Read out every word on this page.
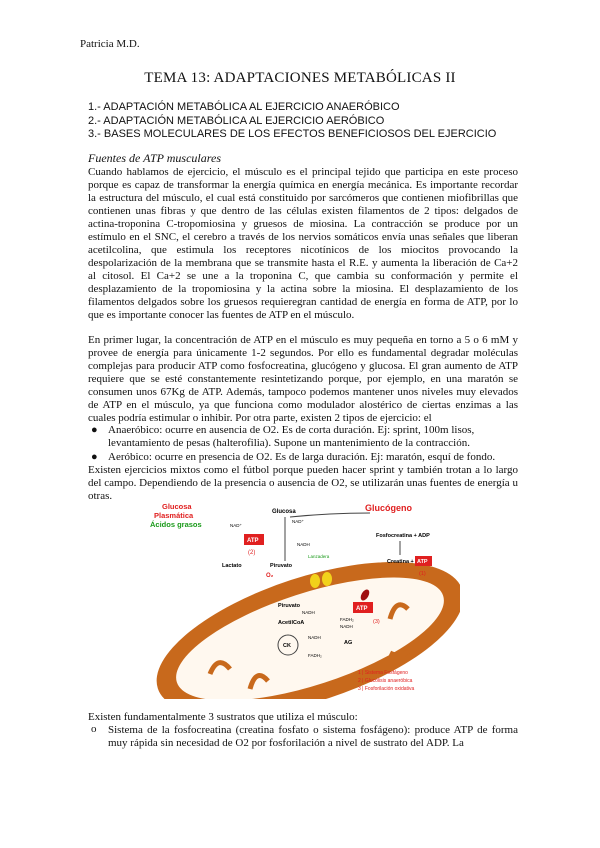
Patricia M.D.
TEMA 13: ADAPTACIONES METABÓLICAS II
1.- ADAPTACIÓN METABÓLICA AL EJERCICIO ANAERÓBICO
2.- ADAPTACIÓN METABÓLICA AL EJERCICIO AERÓBICO
3.- BASES MOLECULARES DE LOS EFECTOS BENEFICIOSOS DEL EJERCICIO
Fuentes de ATP musculares
Cuando hablamos de ejercicio, el músculo es el principal tejido que participa en este proceso porque es capaz de transformar la energía química en energía mecánica. Es importante recordar la estructura del músculo, el cual está constituido por sarcómeros que contienen miofibrillas que contienen unas fibras y que dentro de las células existen filamentos de 2 tipos: delgados de actina-troponina C-tropomiosina y gruesos de miosina. La contracción se produce por un estímulo en el SNC, el cerebro a través de los nervios somáticos envía unas señales que liberan acetilcolina, que estimula los receptores nicotínicos de los miocitos provocando la despolarización de la membrana que se transmite hasta el R.E. y aumenta la liberación de Ca+2 al citosol. El Ca+2 se une a la troponina C, que cambia su conformación y permite el desplazamiento de la tropomiosina y la actina sobre la miosina. El desplazamiento de los filamentos delgados sobre los gruesos requieregran cantidad de energía en forma de ATP, por lo que es importante conocer las fuentes de ATP en el músculo.
En primer lugar, la concentración de ATP en el músculo es muy pequeña en torno a 5 o 6 mM y provee de energía para únicamente 1-2 segundos. Por ello es fundamental degradar moléculas complejas para producir ATP como fosfocreatina, glucógeno y glucosa. El gran aumento de ATP requiere que se esté constantemente resintetizando porque, por ejemplo, en una maratón se consumen unos 67Kg de ATP. Además, tampoco podemos mantener unos niveles muy elevados de ATP en el músculo, ya que funciona como modulador alostérico de ciertas enzimas a las cuales podría estimular o inhibir. Por otra parte, existen 2 tipos de ejercicio: el
● Anaeróbico: ocurre en ausencia de O2. Es de corta duración. Ej: sprint, 100m lisos, levantamiento de pesas (halterofilia). Supone un mantenimiento de la contracción.
● Aeróbico: ocurre en presencia de O2. Es de larga duración. Ej: maratón, esquí de fondo.
Existen ejercicios mixtos como el fútbol porque pueden hacer sprint y también trotan a lo largo del campo. Dependiendo de la presencia o ausencia de O2, se utilizarán unas fuentes de energía u otras.
Glucosa
Plasmática
Ácidos grasos
Glucógeno
Glucosa
ATP
(2)
NAD⁺
NAD⁺
NADH
Lactato	Piruvato
O₂
Lanzadera
Fosfocreatina + ADP
Creatina + ATP
(1)
Piruvato
NADH
AcetilCoA
CK
NADH
FADH₂
FADH₂
NADH
AG
ATP
(3)
1 | Sistema Fosfágeno
2 | Glucólisis anaeróbica
3 | Fosforilación oxidativa
Existen fundamentalmente 3 sustratos que utiliza el músculo:
o Sistema de la fosfocreatina (creatina fosfato o sistema fosfágeno): produce ATP de forma muy rápida sin necesidad de O2 por fosforilación a nivel de sustrato del ADP. La
